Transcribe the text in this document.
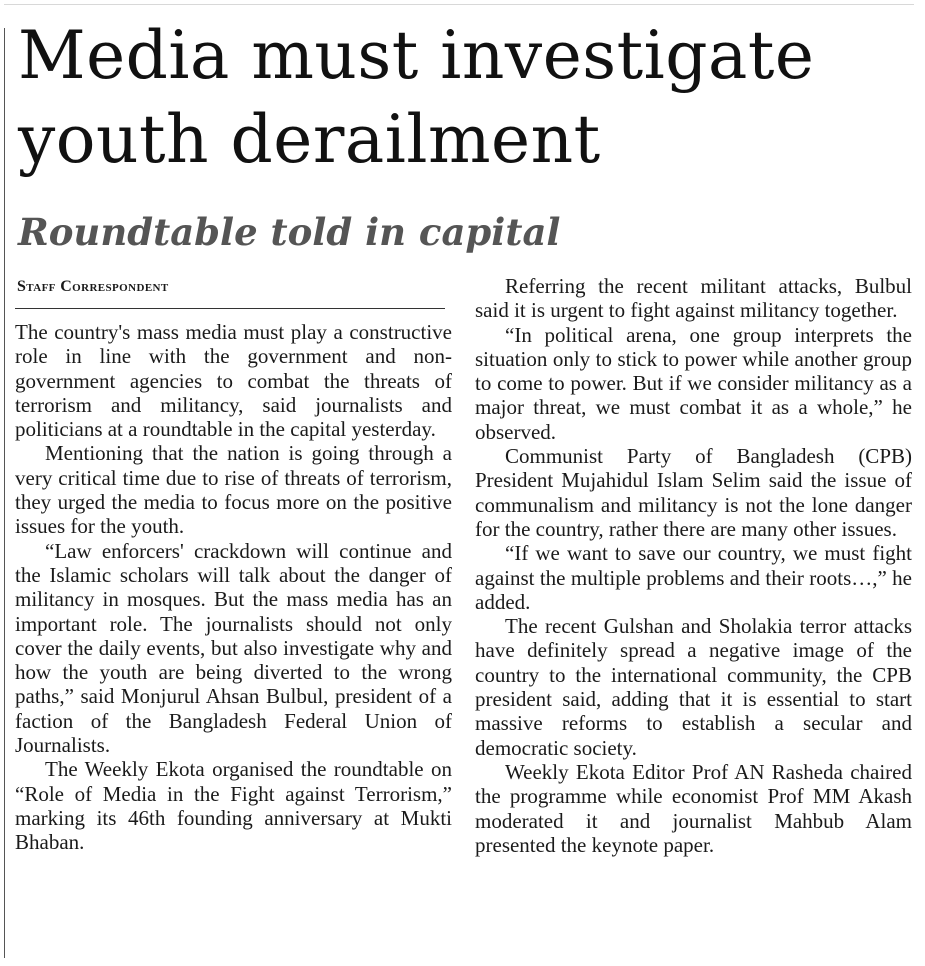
Media must investigate youth derailment
Roundtable told in capital
Staff Correspondent

The country's mass media must play a constructive role in line with the government and non-government agencies to combat the threats of terrorism and militancy, said journalists and politicians at a roundtable in the capital yesterday.

Mentioning that the nation is going through a very critical time due to rise of threats of terrorism, they urged the media to focus more on the positive issues for the youth.

“Law enforcers' crackdown will continue and the Islamic scholars will talk about the danger of militancy in mosques. But the mass media has an important role. The journalists should not only cover the daily events, but also investigate why and how the youth are being diverted to the wrong paths,” said Monjurul Ahsan Bulbul, president of a faction of the Bangladesh Federal Union of Journalists.

The Weekly Ekota organised the roundtable on “Role of Media in the Fight against Terrorism,” marking its 46th founding anniversary at Mukti Bhaban.

Referring the recent militant attacks, Bulbul said it is urgent to fight against militancy together.

“In political arena, one group interprets the situation only to stick to power while another group to come to power. But if we consider militancy as a major threat, we must combat it as a whole,” he observed.

Communist Party of Bangladesh (CPB) President Mujahidul Islam Selim said the issue of communalism and militancy is not the lone danger for the country, rather there are many other issues.

“If we want to save our country, we must fight against the multiple problems and their roots…,” he added.

The recent Gulshan and Sholakia terror attacks have definitely spread a negative image of the country to the international community, the CPB president said, adding that it is essential to start massive reforms to establish a secular and democratic society.

Weekly Ekota Editor Prof AN Rasheda chaired the programme while economist Prof MM Akash moderated it and journalist Mahbub Alam presented the keynote paper.
